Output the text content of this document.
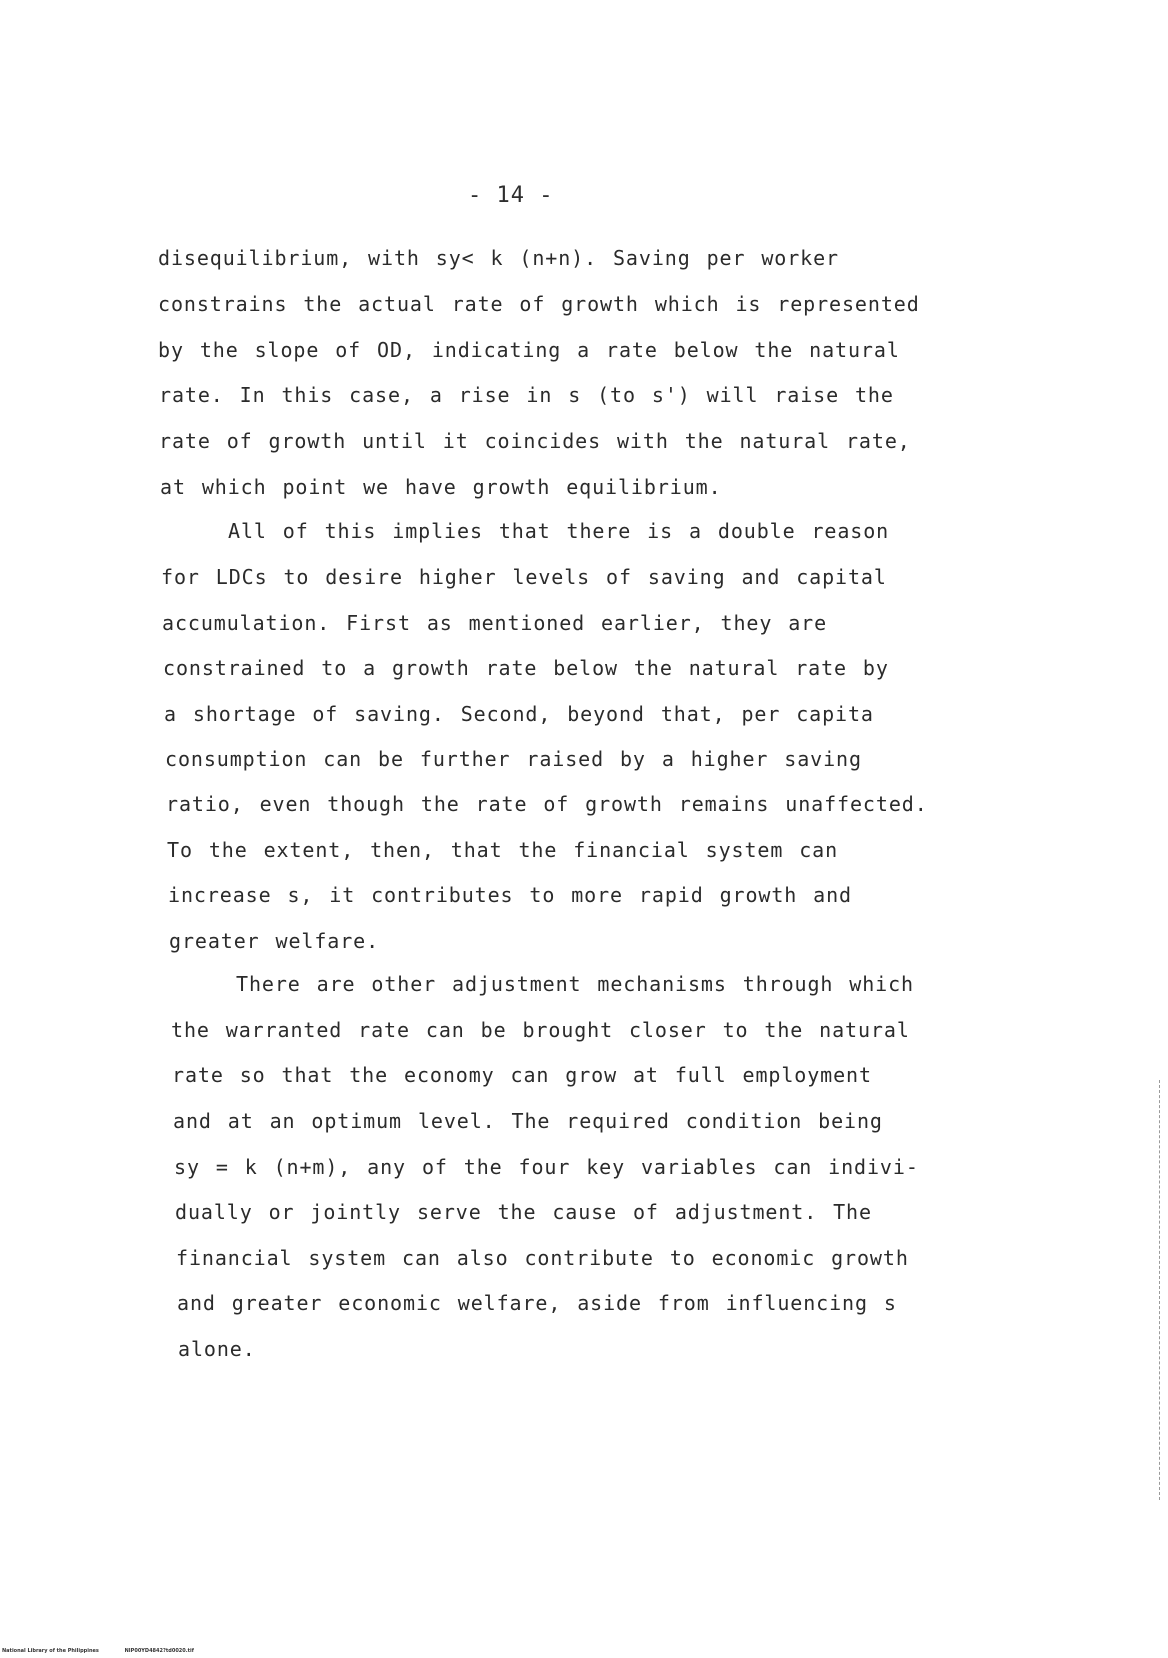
- 14 -
disequilibrium, with sy< k (n+n). Saving per worker
constrains the actual rate of growth which is represented
by the slope of OD, indicating a rate below the natural
rate. In this case, a rise in s (to s') will raise the
rate of growth until it coincides with the natural rate,
at which point we have growth equilibrium.
All of this implies that there is a double reason
for LDCs to desire higher levels of saving and capital
accumulation. First as mentioned earlier, they are
constrained to a growth rate below the natural rate by
a shortage of saving. Second, beyond that, per capita
consumption can be further raised by a higher saving
ratio, even though the rate of growth remains unaffected.
To the extent, then, that the financial system can
increase s, it contributes to more rapid growth and
greater welfare.
There are other adjustment mechanisms through which
the warranted rate can be brought closer to the natural
rate so that the economy can grow at full employment
and at an optimum level. The required condition being
sy = k (n+m), any of the four key variables can indivi-
dually or jointly serve the cause of adjustment. The
financial system can also contribute to economic growth
and greater economic welfare, aside from influencing s
alone.
National Library of the Philippines	NIP00YD4842?td0020.tif
